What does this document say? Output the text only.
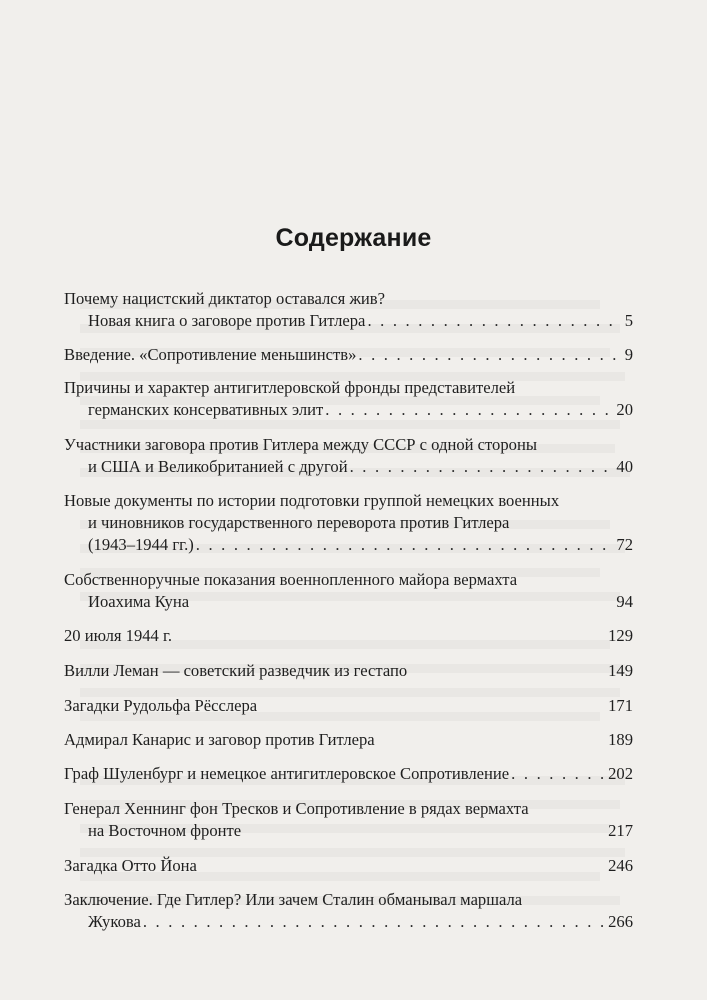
Содержание
Почему нацистский диктатор оставался жив?
Новая книга о заговоре против Гитлера . . .	5
Введение. «Сопротивление меньшинств» . . .	9
Причины и характер антигитлеровской фронды представителей
германских консервативных элит . . .	20
Участники заговора против Гитлера между СССР с одной стороны
и США и Великобританией с другой . . .	40
Новые документы по истории подготовки группой немецких военных
и чиновников государственного переворота против Гитлера
(1943–1944 гг.) . . .	72
Собственноручные показания военнопленного майора вермахта
Иоахима Куна	94
20 июля 1944 г.	129
Вилли Леман — советский разведчик из гестапо	149
Загадки Рудольфа Рёсслера	171
Адмирал Канарис и заговор против Гитлера	189
Граф Шуленбург и немецкое антигитлеровское Сопротивление . . .	202
Генерал Хеннинг фон Тресков и Сопротивление в рядах вермахта
на Восточном фронте	217
Загадка Отто Йона	246
Заключение. Где Гитлер? Или зачем Сталин обманывал маршала
Жукова . . .	266
